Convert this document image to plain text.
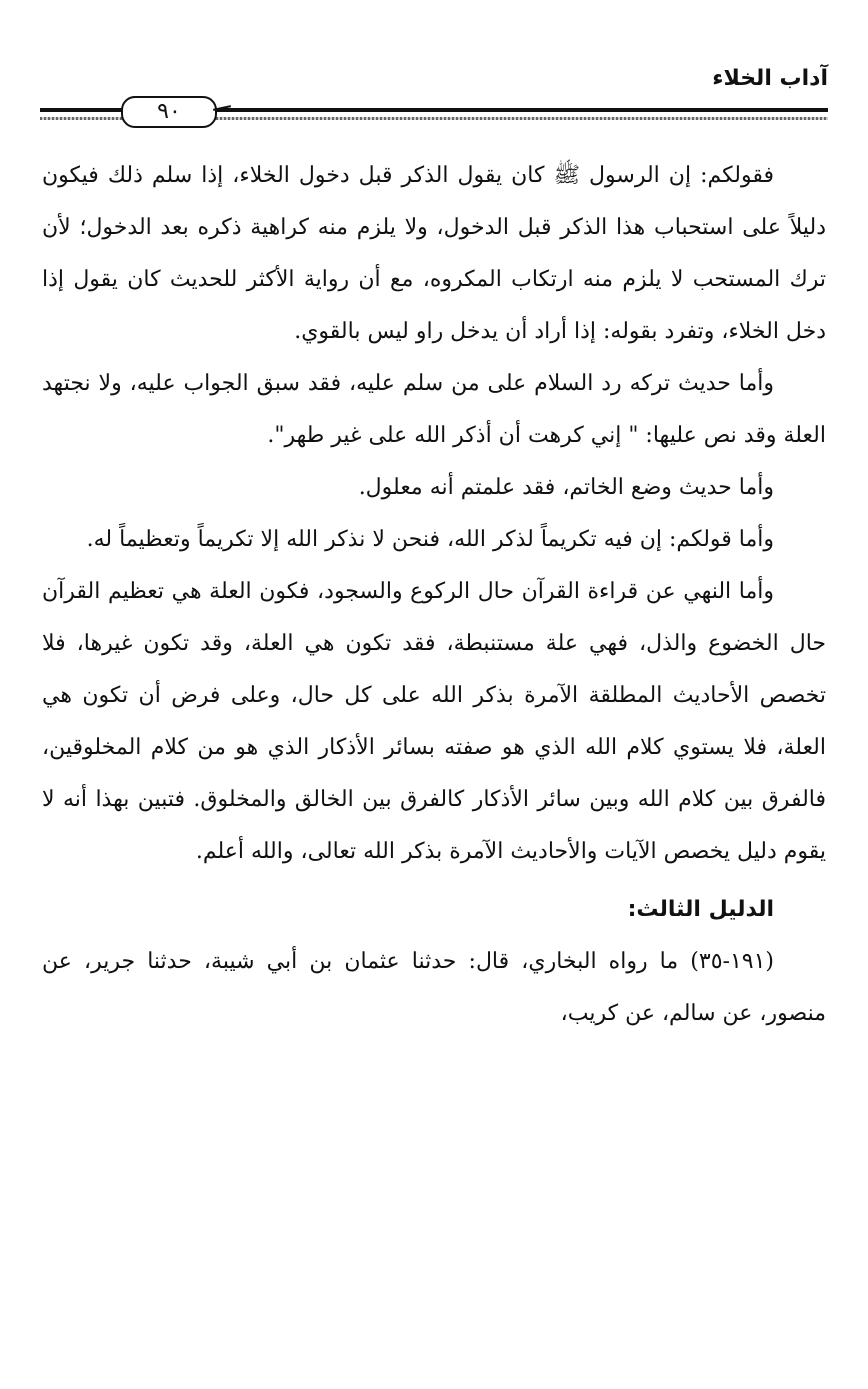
آداب الخلاء
٩٠

فقولكم: إن الرسول ﷺ كان يقول الذكر قبل دخول الخلاء، إذا سلم ذلك فيكون دليلاً على استحباب هذا الذكر قبل الدخول، ولا يلزم منه كراهية ذكره بعد الدخول؛ لأن ترك المستحب لا يلزم منه ارتكاب المكروه، مع أن رواية الأكثر للحديث كان يقول إذا دخل الخلاء، وتفرد بقوله: إذا أراد أن يدخل راو ليس بالقوي.

وأما حديث تركه رد السلام على من سلم عليه، فقد سبق الجواب عليه، ولا نجتهد العلة وقد نص عليها: " إني كرهت أن أذكر الله على غير طهر".

وأما حديث وضع الخاتم، فقد علمتم أنه معلول.

وأما قولكم: إن فيه تكريماً لذكر الله، فنحن لا نذكر الله إلا تكريماً وتعظيماً له.

وأما النهي عن قراءة القرآن حال الركوع والسجود، فكون العلة هي تعظيم القرآن حال الخضوع والذل، فهي علة مستنبطة، فقد تكون هي العلة، وقد تكون غيرها، فلا تخصص الأحاديث المطلقة الآمرة بذكر الله على كل حال، وعلى فرض أن تكون هي العلة، فلا يستوي كلام الله الذي هو صفته بسائر الأذكار الذي هو من كلام المخلوقين، فالفرق بين كلام الله وبين سائر الأذكار كالفرق بين الخالق والمخلوق. فتبين بهذا أنه لا يقوم دليل يخصص الآيات والأحاديث الآمرة بذكر الله تعالى، والله أعلم.

الدليل الثالث:

(١٩١-٣٥) ما رواه البخاري، قال: حدثنا عثمان بن أبي شيبة، حدثنا جرير، عن منصور، عن سالم، عن كريب،
